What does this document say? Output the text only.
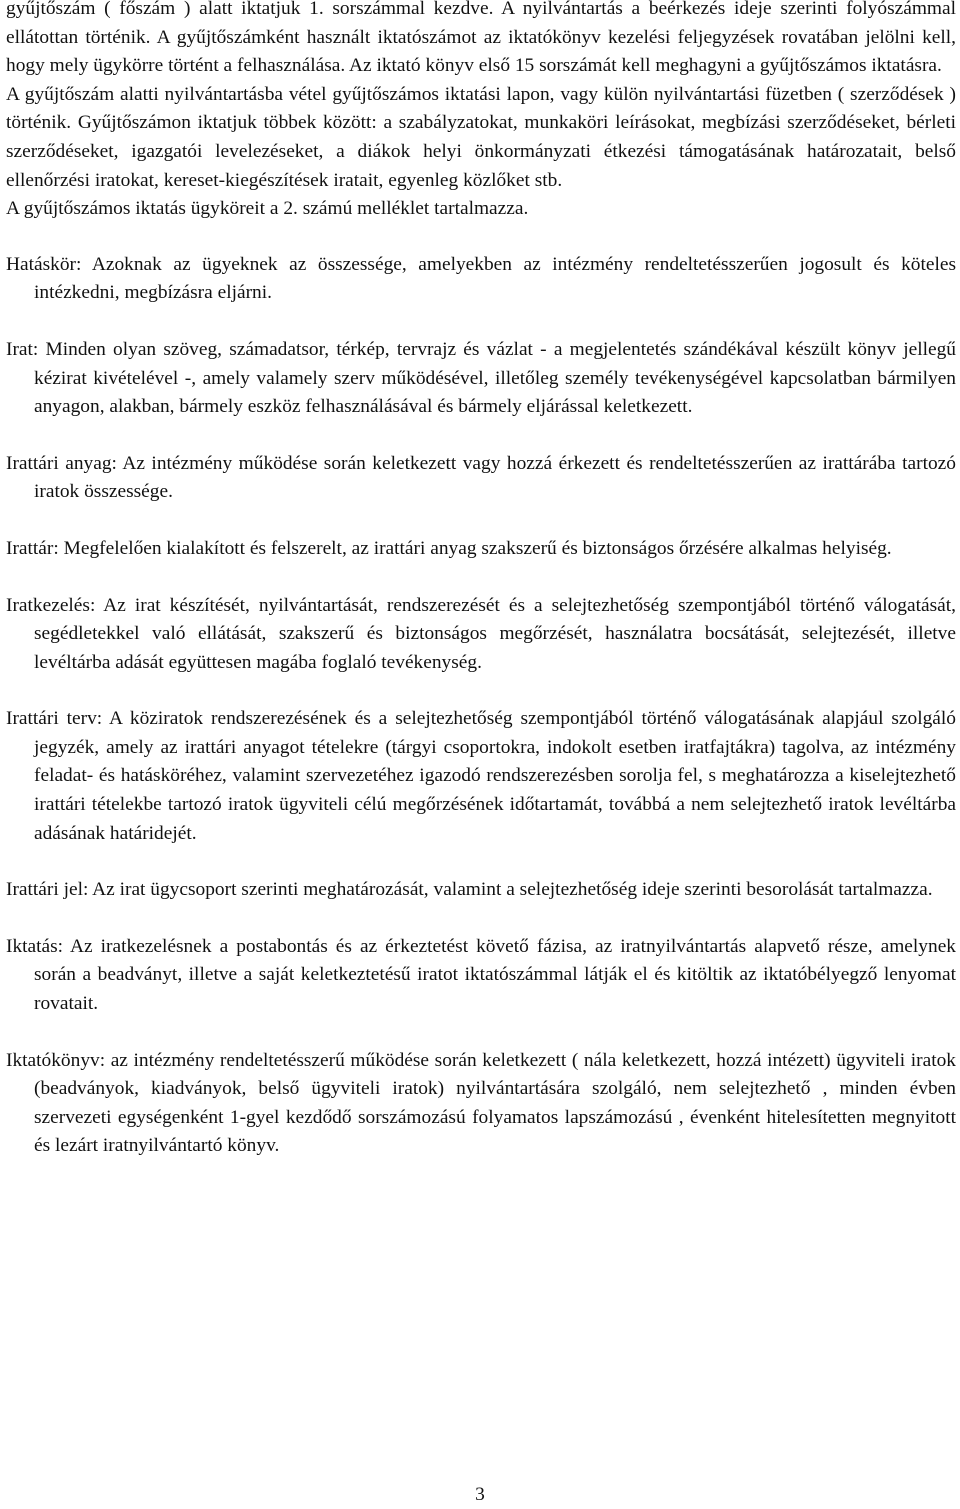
gyűjtőszám ( főszám ) alatt iktatjuk 1. sorszámmal kezdve. A nyilvántartás a beérkezés ideje szerinti folyószámmal ellátottan történik. A gyűjtőszámként használt iktatószámot az iktatókönyv kezelési feljegyzések rovatában jelölni kell, hogy mely ügykörre történt a felhasználása. Az iktató könyv első 15 sorszámát kell meghagyni a gyűjtőszámos iktatásra.

A gyűjtőszám alatti nyilvántartásba vétel gyűjtőszámos iktatási lapon, vagy külön nyilvántartási füzetben ( szerződések ) történik. Gyűjtőszámon iktatjuk többek között: a szabályzatokat, munkaköri leírásokat, megbízási szerződéseket, bérleti szerződéseket, igazgatói levelezéseket, a diákok helyi önkormányzati étkezési támogatásának határozatait, belső ellenőrzési iratokat, kereset-kiegészítések iratait, egyenleg közlőket stb.

A gyűjtőszámos iktatás ügyköreit a 2. számú melléklet tartalmazza.

Hatáskör: Azoknak az ügyeknek az összessége, amelyekben az intézmény rendeltetésszerűen jogosult és köteles intézkedni, megbízásra eljárni.

Irat: Minden olyan szöveg, számadatsor, térkép, tervrajz és vázlat - a megjelentetés szándékával készült könyv jellegű kézirat kivételével -, amely valamely szerv működésével, illetőleg személy tevékenységével kapcsolatban bármilyen anyagon, alakban, bármely eszköz felhasználásával és bármely eljárással keletkezett.

Irattári anyag: Az intézmény működése során keletkezett vagy hozzá érkezett és rendeltetésszerűen az irattárába tartozó iratok összessége.

Irattár: Megfelelően kialakított és felszerelt, az irattári anyag szakszerű és biztonságos őrzésére alkalmas helyiség.

Iratkezelés: Az irat készítését, nyilvántartását, rendszerezését és a selejtezhetőség szempontjából történő válogatását, segédletekkel való ellátását, szakszerű és biztonságos megőrzését, használatra bocsátását, selejtezését, illetve levéltárba adását együttesen magába foglaló tevékenység.

Irattári terv: A köziratok rendszerezésének és a selejtezhetőség szempontjából történő válogatásának alapjául szolgáló jegyzék, amely az irattári anyagot tételekre (tárgyi csoportokra, indokolt esetben iratfajtákra) tagolva, az intézmény feladat- és hatásköréhez, valamint szervezetéhez igazodó rendszerezésben sorolja fel, s meghatározza a kiselejtezhető irattári tételekbe tartozó iratok ügyviteli célú megőrzésének időtartamát, továbbá a nem selejtezhető iratok levéltárba adásának határidejét.

Irattári jel: Az irat ügycsoport szerinti meghatározását, valamint a selejtezhetőség ideje szerinti besorolását tartalmazza.

Iktatás: Az iratkezelésnek a postabontás és az érkeztetést követő fázisa, az iratnyilvántartás alapvető része, amelynek során a beadványt, illetve a saját keletkeztetésű iratot iktatószámmal látják el és kitöltik az iktatóbélyegző lenyomat rovatait.

Iktatókönyv: az intézmény rendeltetésszerű működése során keletkezett ( nála keletkezett, hozzá intézett) ügyviteli iratok (beadványok, kiadványok, belső ügyviteli iratok) nyilvántartására szolgáló, nem selejtezhető , minden évben szervezeti egységenként 1-gyel kezdődő sorszámozású folyamatos lapszámozású , évenként hitelesítetten megnyitott és lezárt iratnyilvántartó könyv.

3
